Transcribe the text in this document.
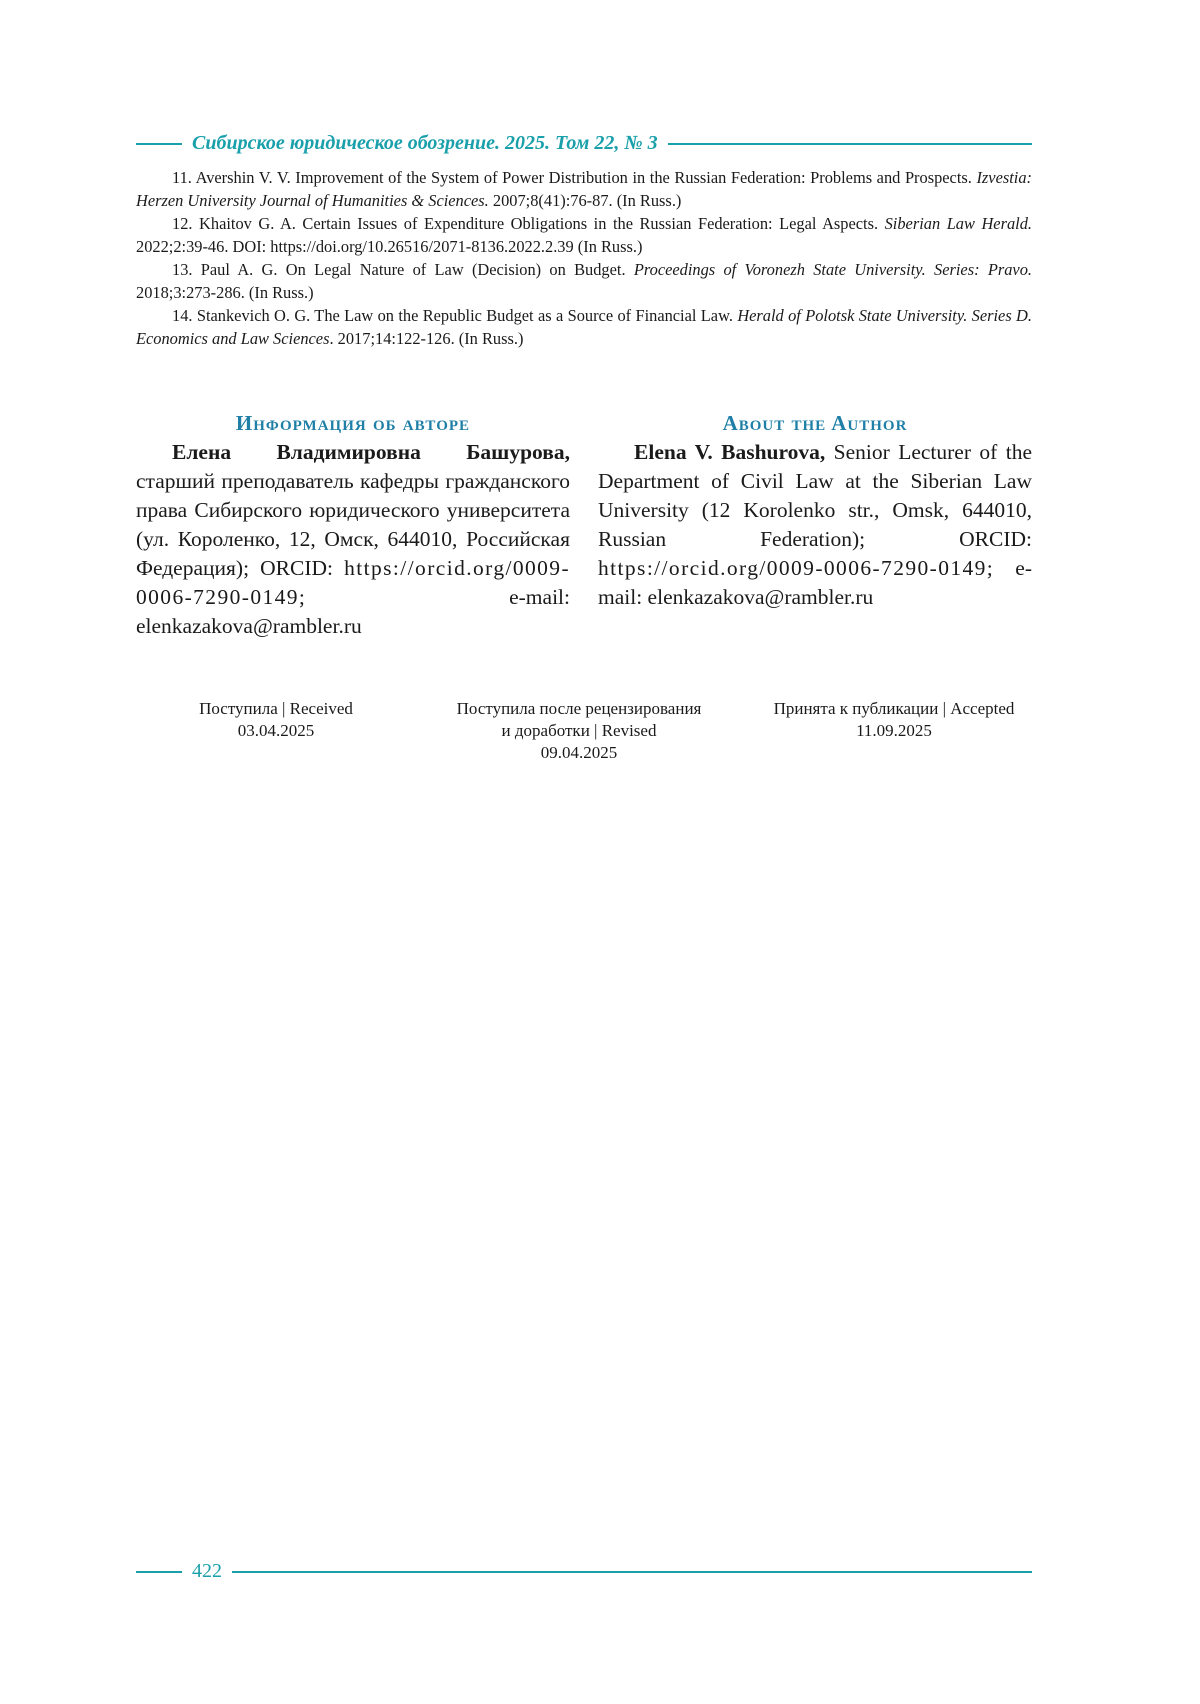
Сибирское юридическое обозрение. 2025. Том 22, № 3

11. Avershin V. V. Improvement of the System of Power Distribution in the Russian Federation: Problems and Prospects. Izvestia: Herzen University Journal of Humanities & Sciences. 2007;8(41):76-87. (In Russ.)

12. Khaitov G. A. Certain Issues of Expenditure Obligations in the Russian Federation: Legal Aspects. Siberian Law Herald. 2022;2:39-46. DOI: https://doi.org/10.26516/2071-8136.2022.2.39 (In Russ.)

13. Paul A. G. On Legal Nature of Law (Decision) on Budget. Proceedings of Voronezh State University. Series: Pravo. 2018;3:273-286. (In Russ.)

14. Stankevich O. G. The Law on the Republic Budget as a Source of Financial Law. Herald of Polotsk State University. Series D. Economics and Law Sciences. 2017;14:122-126. (In Russ.)

Информация об авторе

Елена Владимировна Башурова, старший преподаватель кафедры гражданского права Сибирского юридического университета (ул. Короленко, 12, Омск, 644010, Российская Федерация); ORCID: https://orcid.org/0009-0006-7290-0149; e-mail: elenkazakova@rambler.ru

About the Author

Elena V. Bashurova, Senior Lecturer of the Department of Civil Law at the Siberian Law University (12 Korolenko str., Omsk, 644010, Russian Federation); ORCID: https://orcid.org/0009-0006-7290-0149; e-mail: elenkazakova@rambler.ru

Поступила | Received
03.04.2025
Поступила после рецензирования
и доработки | Revised
09.04.2025
Принята к публикации | Accepted
11.09.2025
422
